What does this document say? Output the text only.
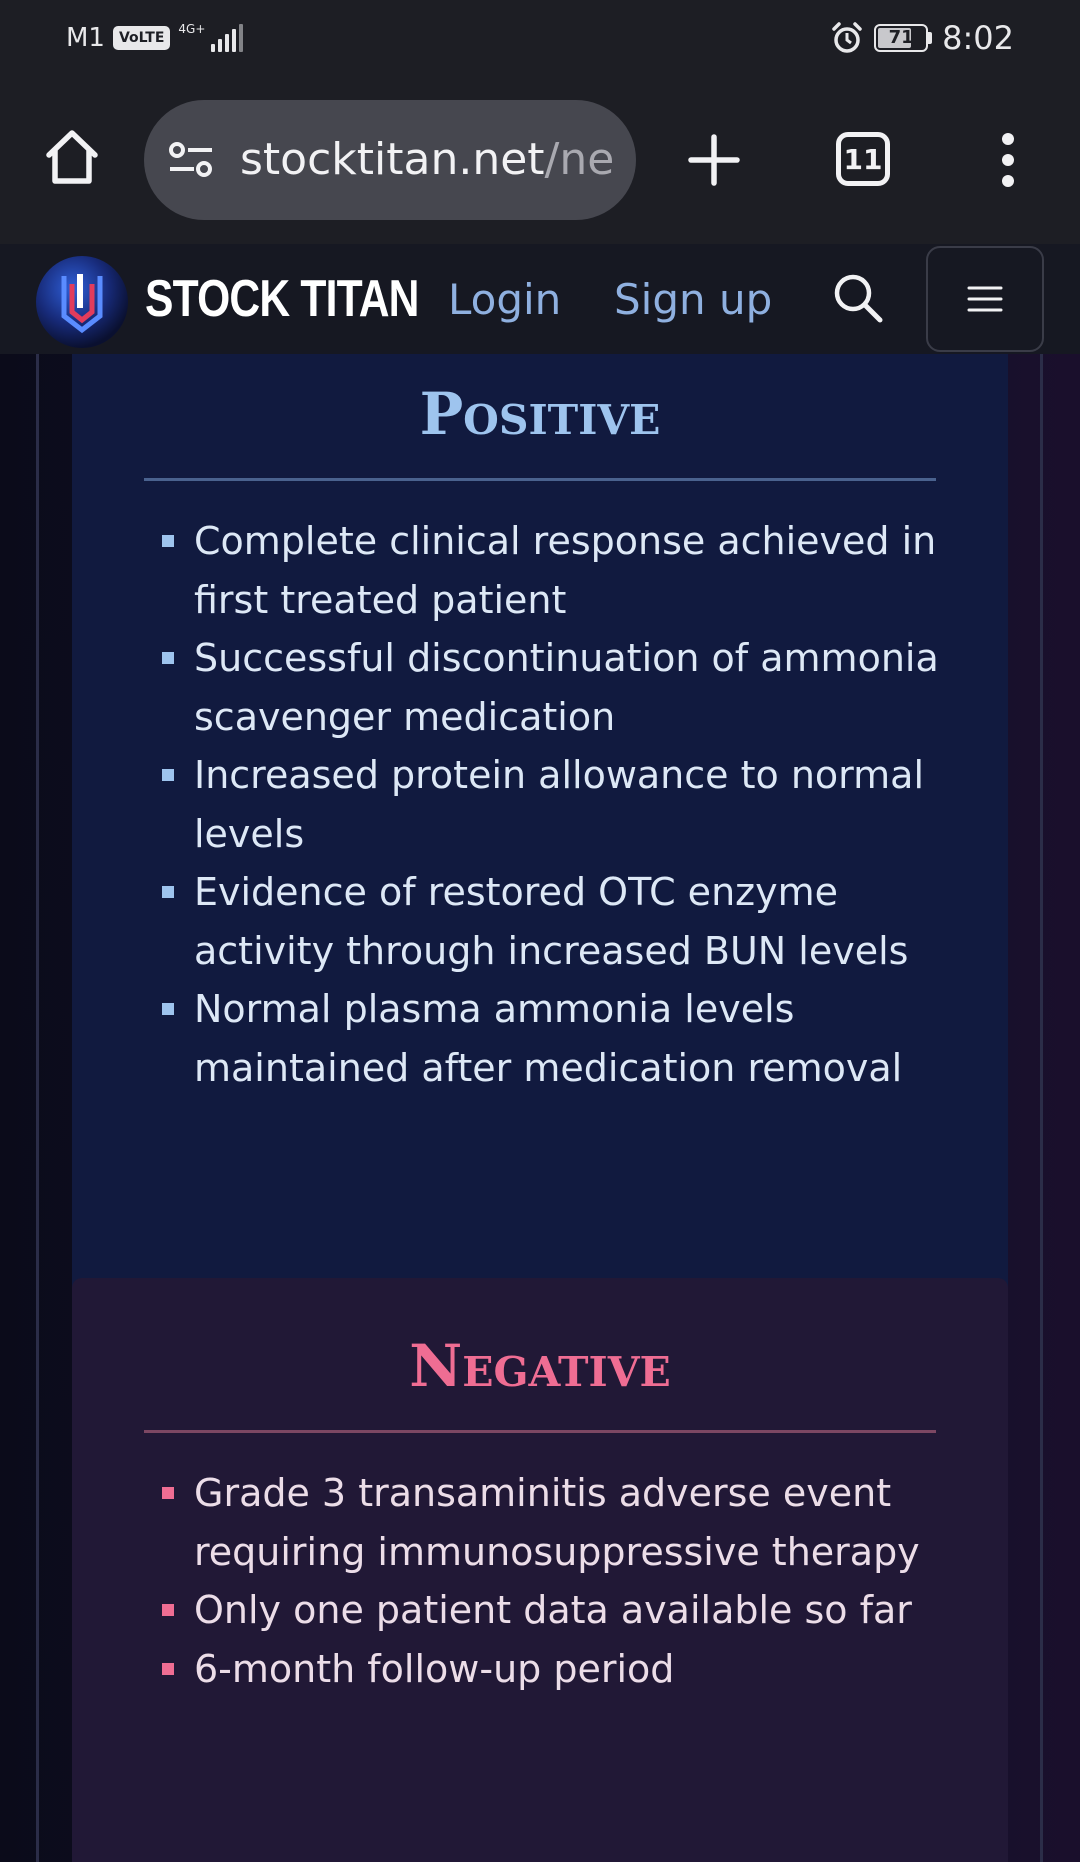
M1	VoLTE
4G+	71 8:02
stocktitan.net/ne	11
STOCK TITAN Login Sign up
Positive
Complete clinical response achieved in first treated patient
Successful discontinuation of ammonia scavenger medication
Increased protein allowance to normal levels
Evidence of restored OTC enzyme activity through increased BUN levels
Normal plasma ammonia levels maintained after medication removal
Negative
Grade 3 transaminitis adverse event requiring immunosuppressive therapy
Only one patient data available so far
6-month follow-up period
